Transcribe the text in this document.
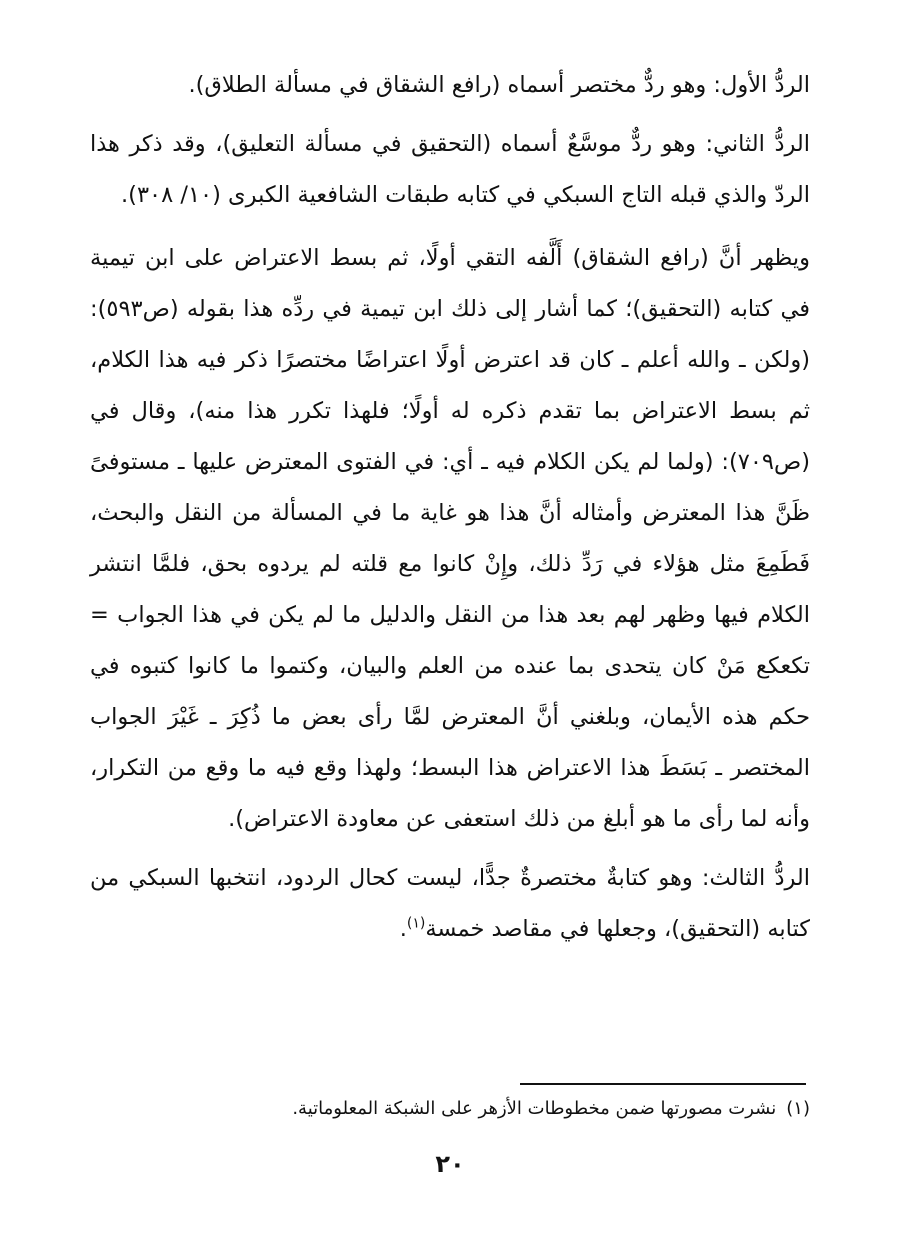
الردُّ الأول: وهو ردٌّ مختصر أسماه (رافع الشقاق في مسألة الطلاق).

الردُّ الثاني: وهو ردٌّ موسَّعٌ أسماه (التحقيق في مسألة التعليق)، وقد ذكر هذا الردّ والذي قبله التاج السبكي في كتابه طبقات الشافعية الكبرى (١٠/ ٣٠٨).

ويظهر أنَّ (رافع الشقاق) أَلَّفه التقي أولًا، ثم بسط الاعتراض على ابن تيمية في كتابه (التحقيق)؛ كما أشار إلى ذلك ابن تيمية في ردِّه هذا بقوله (ص٥٩٣): (ولكن ـ والله أعلم ـ كان قد اعترض أولًا اعتراضًا مختصرًا ذكر فيه هذا الكلام، ثم بسط الاعتراض بما تقدم ذكره له أولًا؛ فلهذا تكرر هذا منه)، وقال في (ص٧٠٩): (ولما لم يكن الكلام فيه ـ أي: في الفتوى المعترض عليها ـ مستوفىً ظَنَّ هذا المعترض وأمثاله أنَّ هذا هو غاية ما في المسألة من النقل والبحث، فَطَمِعَ مثل هؤلاء في رَدِّ ذلك، وإِنْ كانوا مع قلته لم يردوه بحق، فلمَّا انتشر الكلام فيها وظهر لهم بعد هذا من النقل والدليل ما لم يكن في هذا الجواب = تكعكع مَنْ كان يتحدى بما عنده من العلم والبيان، وكتموا ما كانوا كتبوه في حكم هذه الأيمان، وبلغني أنَّ المعترض لمَّا رأى بعض ما ذُكِرَ ـ غَيْرَ الجواب المختصر ـ بَسَطَ هذا الاعتراض هذا البسط؛ ولهذا وقع فيه ما وقع من التكرار، وأنه لما رأى ما هو أبلغ من ذلك استعفى عن معاودة الاعتراض).

الردُّ الثالث: وهو كتابةٌ مختصرةٌ جدًّا، ليست كحال الردود، انتخبها السبكي من كتابه (التحقيق)، وجعلها في مقاصد خمسة$^{(١)}$.

(١)نشرت مصورتها ضمن مخطوطات الأزهر على الشبكة المعلوماتية.

٢٠
